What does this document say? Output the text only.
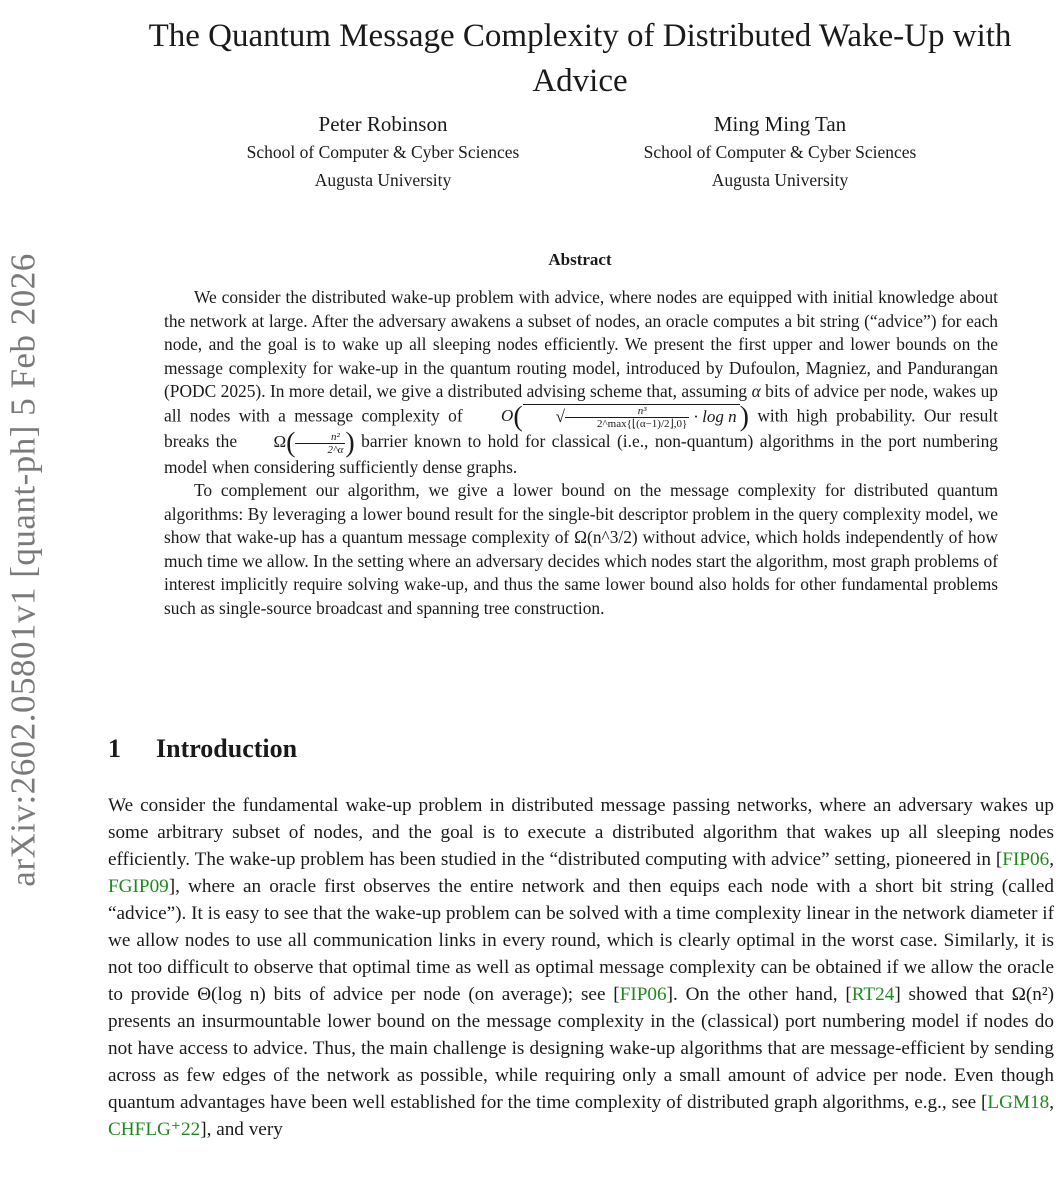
arXiv:2602.05801v1 [quant-ph] 5 Feb 2026
The Quantum Message Complexity of Distributed Wake-Up with Advice
Peter Robinson
School of Computer & Cyber Sciences
Augusta University
Ming Ming Tan
School of Computer & Cyber Sciences
Augusta University
Abstract

We consider the distributed wake-up problem with advice, where nodes are equipped with initial knowledge about the network at large. After the adversary awakens a subset of nodes, an oracle computes a bit string (“advice”) for each node, and the goal is to wake up all sleeping nodes efficiently. We present the first upper and lower bounds on the message complexity for wake-up in the quantum routing model, introduced by Dufoulon, Magniez, and Pandurangan (PODC 2025). In more detail, we give a distributed advising scheme that, assuming α bits of advice per node, wakes up all nodes with a message complexity of O( √ $\frac{\text{n³}}{2\^{}\max\{⌊(\alpha-1)/2⌋,0\}} \cdot \log n$ ) with high probability. Our result breaks the $\Omega( \frac{\text{n²}}{2\^{}\alpha}$ ) barrier known to hold for classical (i.e., non-quantum) algorithms in the port numbering model when considering sufficiently dense graphs.

To complement our algorithm, we give a lower bound on the message complexity for distributed quantum algorithms: By leveraging a lower bound result for the single-bit descriptor problem in the query complexity model, we show that wake-up has a quantum message complexity of Ω(n^3/2) without advice, which holds independently of how much time we allow. In the setting where an adversary decides which nodes start the algorithm, most graph problems of interest implicitly require solving wake-up, and thus the same lower bound also holds for other fundamental problems such as single-source broadcast and spanning tree construction.

1 Introduction

We consider the fundamental wake-up problem in distributed message passing networks, where an adversary wakes up some arbitrary subset of nodes, and the goal is to execute a distributed algorithm that wakes up all sleeping nodes efficiently. The wake-up problem has been studied in the “distributed computing with advice” setting, pioneered in [FIP06, FGIP09], where an oracle first observes the entire network and then equips each node with a short bit string (called “advice”). It is easy to see that the wake-up problem can be solved with a time complexity linear in the network diameter if we allow nodes to use all communication links in every round, which is clearly optimal in the worst case. Similarly, it is not too difficult to observe that optimal time as well as optimal message complexity can be obtained if we allow the oracle to provide Θ(log n) bits of advice per node (on average); see [FIP06]. On the other hand, [RT24] showed that Ω(n²) presents an insurmountable lower bound on the message complexity in the (classical) port numbering model if nodes do not have access to advice. Thus, the main challenge is designing wake-up algorithms that are message-efficient by sending across as few edges of the network as possible, while requiring only a small amount of advice per node. Even though quantum advantages have been well established for the time complexity of distributed graph algorithms, e.g., see [LGM18, CHFLG⁺22], and very
